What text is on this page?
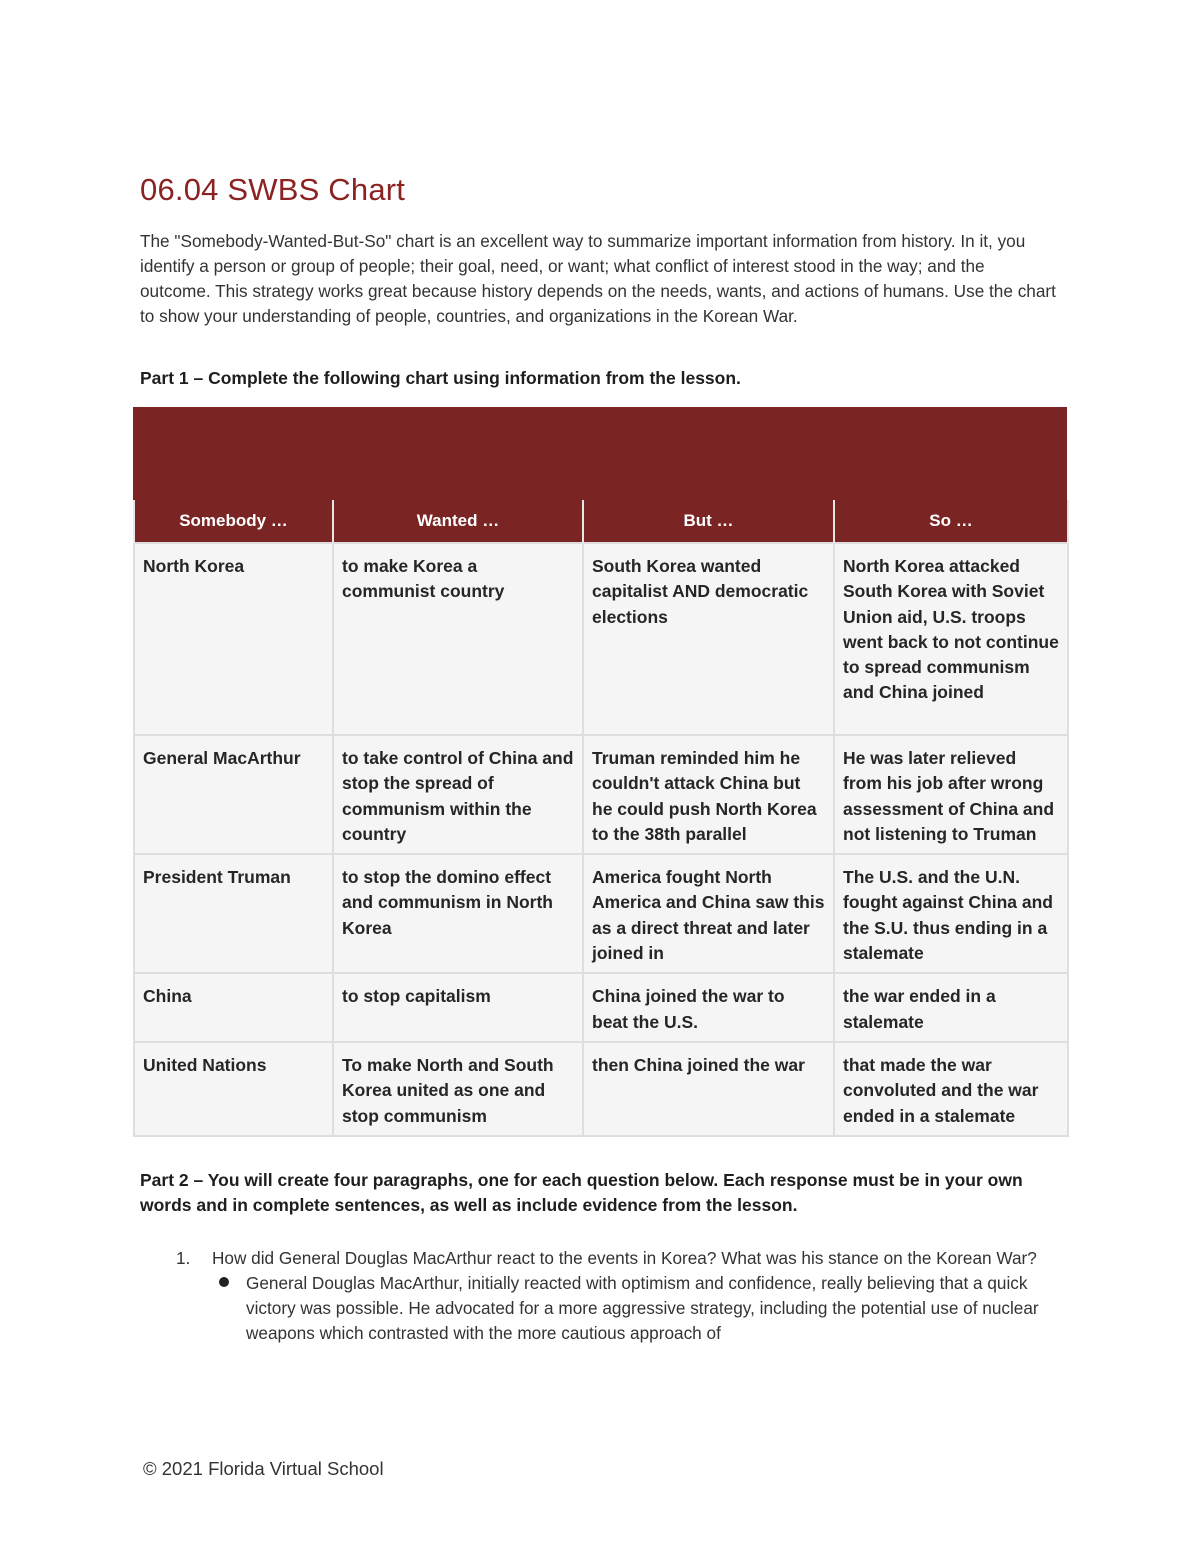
06.04 SWBS Chart
The "Somebody-Wanted-But-So" chart is an excellent way to summarize important information from history. In it, you identify a person or group of people; their goal, need, or want; what conflict of interest stood in the way; and the outcome. This strategy works great because history depends on the needs, wants, and actions of humans. Use the chart to show your understanding of people, countries, and organizations in the Korean War.
Part 1 – Complete the following chart using information from the lesson.
Somebody …	Wanted …	But …	So …
North Korea	to make Korea a communist country	South Korea wanted capitalist AND democratic elections	North Korea attacked South Korea with Soviet Union aid, U.S. troops went back to not continue to spread communism and China joined
General MacArthur	to take control of China and stop the spread of communism within the country	Truman reminded him he couldn't attack China but he could push North Korea to the 38th parallel	He was later relieved from his job after wrong assessment of China and not listening to Truman
President Truman	to stop the domino effect and communism in North Korea	America fought North America and China saw this as a direct threat and later joined in	The U.S. and the U.N. fought against China and the S.U. thus ending in a stalemate
China	to stop capitalism	China joined the war to beat the U.S.	the war ended in a stalemate
United Nations	To make North and South Korea united as one and stop communism	then China joined the war	that made the war convoluted and the war ended in a stalemate
Part 2 – You will create four paragraphs, one for each question below. Each response must be in your own words and in complete sentences, as well as include evidence from the lesson.
1. How did General Douglas MacArthur react to the events in Korea? What was his stance on the Korean War?
General Douglas MacArthur, initially reacted with optimism and confidence, really believing that a quick victory was possible. He advocated for a more aggressive strategy, including the potential use of nuclear weapons which contrasted with the more cautious approach of
© 2021 Florida Virtual School
